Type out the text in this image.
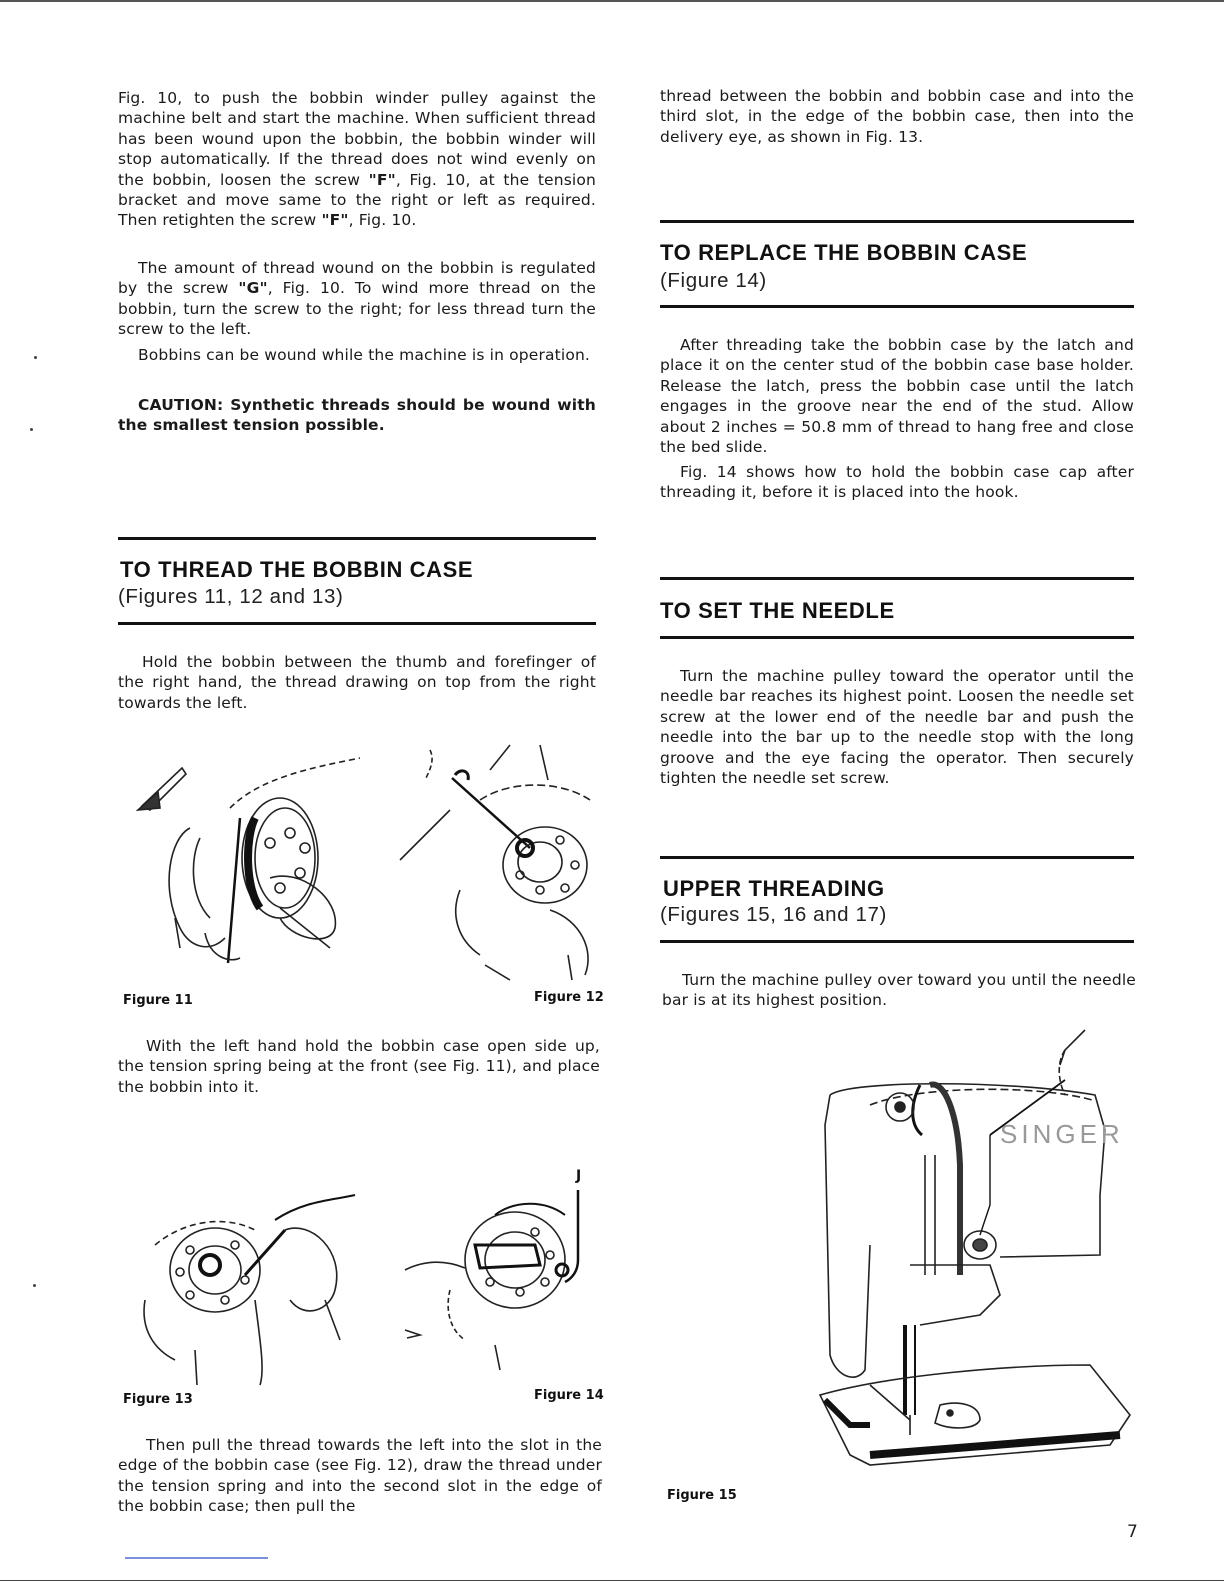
Fig. 10, to push the bobbin winder pulley against the machine belt and start the machine. When sufficient thread has been wound upon the bobbin, the bobbin winder will stop automatically. If the thread does not wind evenly on the bobbin, loosen the screw "F", Fig. 10, at the tension bracket and move same to the right or left as required. Then retighten the screw "F", Fig. 10.

The amount of thread wound on the bobbin is regulated by the screw "G", Fig. 10. To wind more thread on the bobbin, turn the screw to the right; for less thread turn the screw to the left.

Bobbins can be wound while the machine is in operation.

CAUTION: Synthetic threads should be wound with the smallest tension possible.

TO THREAD THE BOBBIN CASE
(Figures 11, 12 and 13)

Hold the bobbin between the thumb and forefinger of the right hand, the thread drawing on top from the right towards the left.

Figure 11	Figure 12

With the left hand hold the bobbin case open side up, the tension spring being at the front (see Fig. 11), and place the bobbin into it.

Figure 13
J
Figure 14

Then pull the thread towards the left into the slot in the edge of the bobbin case (see Fig. 12), draw the thread under the tension spring and into the second slot in the edge of the bobbin case; then pull the

thread between the bobbin and bobbin case and into the third slot, in the edge of the bobbin case, then into the delivery eye, as shown in Fig. 13.

TO REPLACE THE BOBBIN CASE
(Figure 14)

After threading take the bobbin case by the latch and place it on the center stud of the bobbin case base holder. Release the latch, press the bobbin case until the latch engages in the groove near the end of the stud. Allow about 2 inches = 50.8 mm of thread to hang free and close the bed slide.

Fig. 14 shows how to hold the bobbin case cap after threading it, before it is placed into the hook.

TO SET THE NEEDLE

Turn the machine pulley toward the operator until the needle bar reaches its highest point. Loosen the needle set screw at the lower end of the needle bar and push the needle into the bar up to the needle stop with the long groove and the eye facing the operator. Then securely tighten the needle set screw.

UPPER THREADING
(Figures 15, 16 and 17)

Turn the machine pulley over toward you until the needle bar is at its highest position.

SINGER
Figure 15
7
